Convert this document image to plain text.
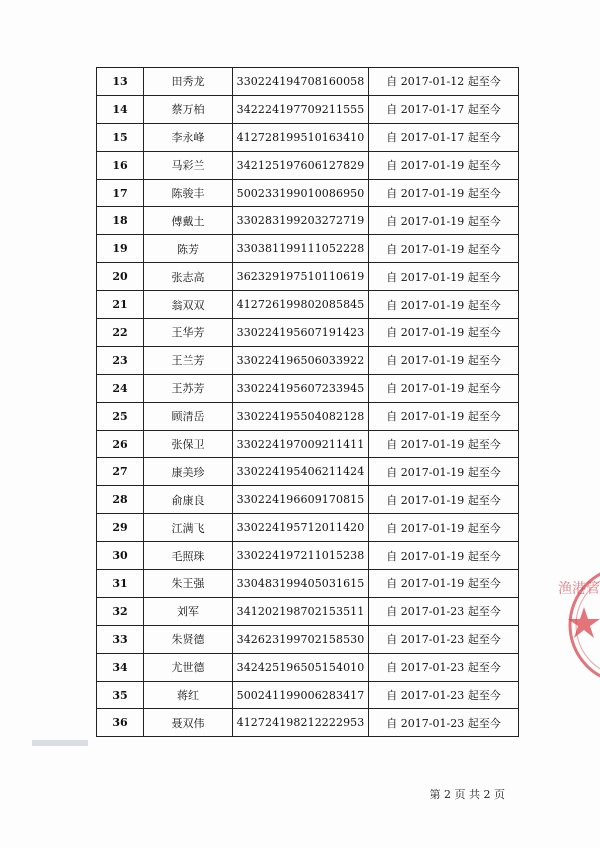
13	田秀龙	330224194708160058	自 2017-01-12 起至今
14	蔡万柏	342224197709211555	自 2017-01-17 起至今
15	李永峰	412728199510163410	自 2017-01-17 起至今
16	马彩兰	342125197606127829	自 2017-01-19 起至今
17	陈骏丰	500233199010086950	自 2017-01-19 起至今
18	傅戴土	330283199203272719	自 2017-01-19 起至今
19	陈芳	330381199111052228	自 2017-01-19 起至今
20	张志高	362329197510110619	自 2017-01-19 起至今
21	翁双双	412726199802085845	自 2017-01-19 起至今
22	王华芳	330224195607191423	自 2017-01-19 起至今
23	王兰芳	330224196506033922	自 2017-01-19 起至今
24	王苏芳	330224195607233945	自 2017-01-19 起至今
25	顾清岳	330224195504082128	自 2017-01-19 起至今
26	张保卫	330224197009211411	自 2017-01-19 起至今
27	康美珍	330224195406211424	自 2017-01-19 起至今
28	俞康良	330224196609170815	自 2017-01-19 起至今
29	江满飞	330224195712011420	自 2017-01-19 起至今
30	毛照珠	330224197211015238	自 2017-01-19 起至今
31	朱王强	330483199405031615	自 2017-01-19 起至今
32	刘军	341202198702153511	自 2017-01-23 起至今
33	朱贤德	342623199702158530	自 2017-01-23 起至今
34	尤世德	342425196505154010	自 2017-01-23 起至今
35	蒋红	500241199006283417	自 2017-01-23 起至今
36	聂双伟	412724198212222953	自 2017-01-23 起至今
第 2 页 共 2 页
渔港管
